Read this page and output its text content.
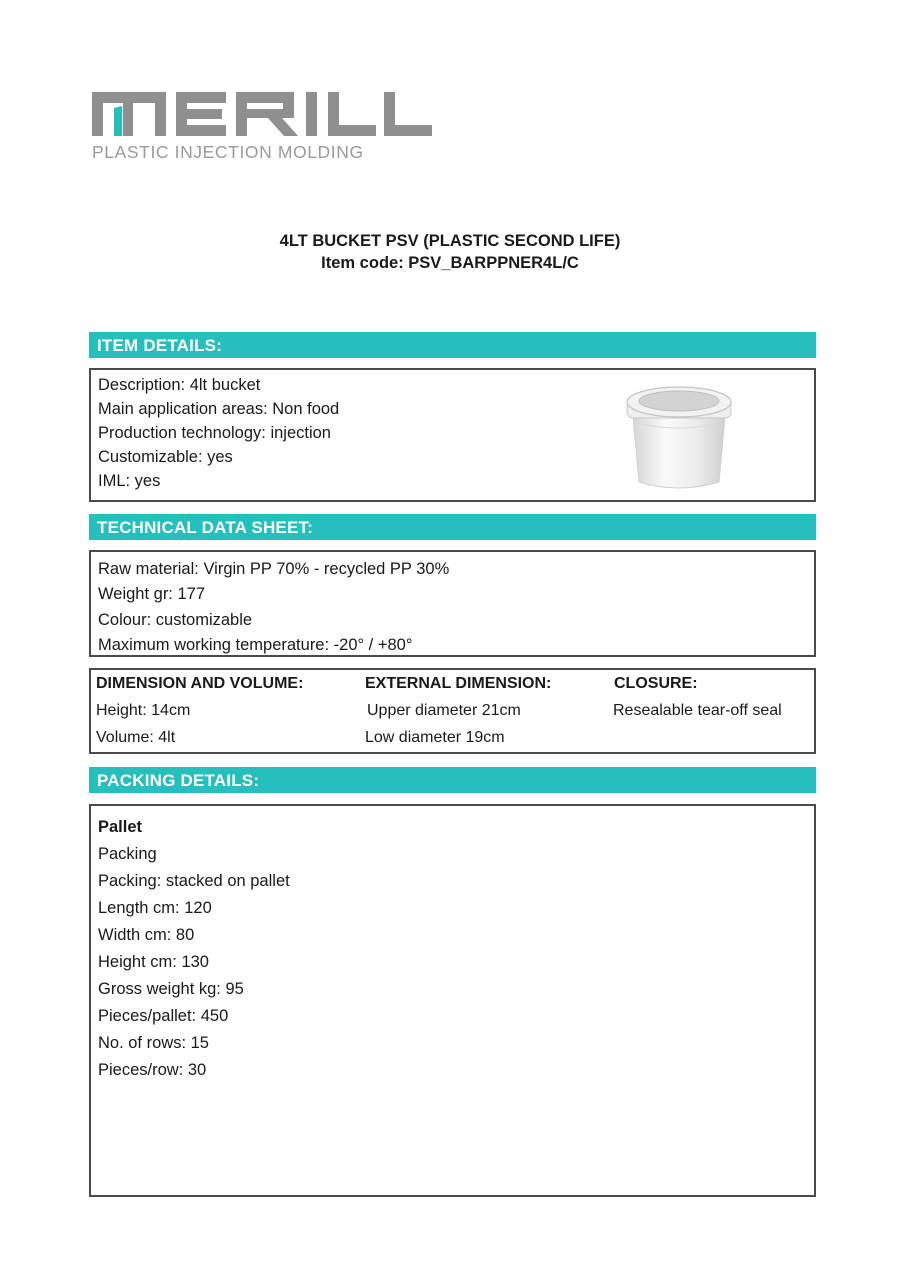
PLASTIC INJECTION MOLDING
4LT BUCKET PSV (PLASTIC SECOND LIFE)
Item code: PSV_BARPPNER4L/C
ITEM DETAILS:
Description: 4lt bucket
Main application areas: Non food
Production technology: injection
Customizable: yes
IML: yes
TECHNICAL DATA SHEET:
Raw material: Virgin PP 70% - recycled PP 30%
Weight gr: 177
Colour: customizable
Maximum working temperature: -20° / +80°
DIMENSION AND VOLUME:	EXTERNAL DIMENSION:	CLOSURE:
Height: 14cm	Upper diameter 21cm	Resealable tear-off seal
Volume: 4lt	Low diameter 19cm
PACKING DETAILS:
Pallet
Packing
Packing: stacked on pallet
Length cm: 120
Width cm: 80
Height cm: 130
Gross weight kg: 95
Pieces/pallet: 450
No. of rows: 15
Pieces/row: 30
